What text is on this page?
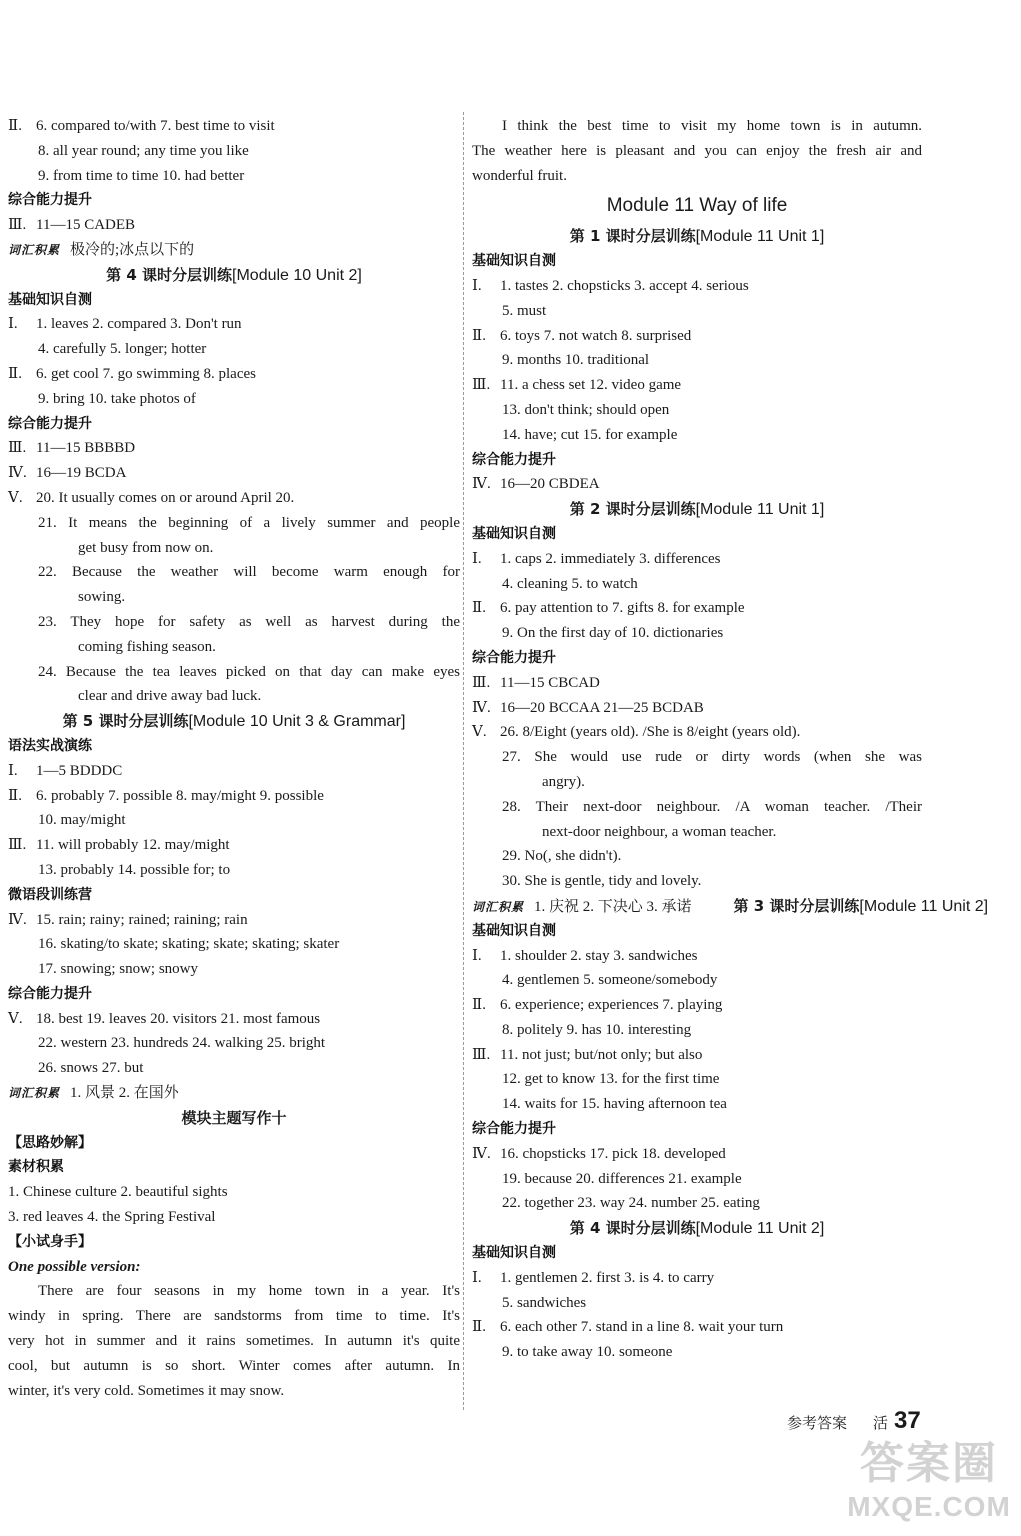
Ⅱ. 6. compared to/with 7. best time to visit
8. all year round; any time you like
9. from time to time 10. had better
综合能力提升
Ⅲ. 11—15 CADEB
词汇积累 极冷的;冰点以下的
第 4 课时分层训练[Module 10 Unit 2]
基础知识自测
Ⅰ. 1. leaves 2. compared 3. Don't run
4. carefully 5. longer; hotter
Ⅱ. 6. get cool 7. go swimming 8. places
9. bring 10. take photos of
综合能力提升
Ⅲ. 11—15 BBBBD
Ⅳ. 16—19 BCDA
Ⅴ. 20. It usually comes on or around April 20.
21. It means the beginning of a lively summer and people
get busy from now on.
22. Because the weather will become warm enough for
sowing.
23. They hope for safety as well as harvest during the
coming fishing season.
24. Because the tea leaves picked on that day can make eyes
clear and drive away bad luck.
第 5 课时分层训练[Module 10 Unit 3 & Grammar]
语法实战演练
Ⅰ. 1—5 BDDDC
Ⅱ. 6. probably 7. possible 8. may/might 9. possible
10. may/might
Ⅲ. 11. will probably 12. may/might
13. probably 14. possible for; to
微语段训练营
Ⅳ. 15. rain; rainy; rained; raining; rain
16. skating/to skate; skating; skate; skating; skater
17. snowing; snow; snowy
综合能力提升
Ⅴ. 18. best 19. leaves 20. visitors 21. most famous
22. western 23. hundreds 24. walking 25. bright
26. snows 27. but
词汇积累 1. 风景 2. 在国外
模块主题写作十
【思路妙解】
素材积累
1. Chinese culture 2. beautiful sights
3. red leaves 4. the Spring Festival
【小试身手】
One possible version:
There are four seasons in my home town in a year. It's
windy in spring. There are sandstorms from time to time. It's
very hot in summer and it rains sometimes. In autumn it's quite
cool, but autumn is so short. Winter comes after autumn. In
winter, it's very cold. Sometimes it may snow.
I think the best time to visit my home town is in autumn.
The weather here is pleasant and you can enjoy the fresh air and
wonderful fruit.
Module 11 Way of life
第 1 课时分层训练[Module 11 Unit 1]
基础知识自测
Ⅰ. 1. tastes 2. chopsticks 3. accept 4. serious
5. must
Ⅱ. 6. toys 7. not watch 8. surprised
9. months 10. traditional
Ⅲ. 11. a chess set 12. video game
13. don't think; should open
14. have; cut 15. for example
综合能力提升
Ⅳ. 16—20 CBDEA
第 2 课时分层训练[Module 11 Unit 1]
基础知识自测
Ⅰ. 1. caps 2. immediately 3. differences
4. cleaning 5. to watch
Ⅱ. 6. pay attention to 7. gifts 8. for example
9. On the first day of 10. dictionaries
综合能力提升
Ⅲ. 11—15 CBCAD
Ⅳ. 16—20 BCCAA 21—25 BCDAB
Ⅴ. 26. 8/Eight (years old). /She is 8/eight (years old).
27. She would use rude or dirty words (when she was
angry).
28. Their next-door neighbour. /A woman teacher. /Their
next-door neighbour, a woman teacher.
29. No(, she didn't).
30. She is gentle, tidy and lovely.
词汇积累 1. 庆祝 2. 下决心 3. 承诺	第 3 课时分层训练[Module 11 Unit 2]
基础知识自测
Ⅰ. 1. shoulder 2. stay 3. sandwiches
4. gentlemen 5. someone/somebody
Ⅱ. 6. experience; experiences 7. playing
8. politely 9. has 10. interesting
Ⅲ. 11. not just; but/not only; but also
12. get to know 13. for the first time
14. waits for 15. having afternoon tea
综合能力提升
Ⅳ. 16. chopsticks 17. pick 18. developed
19. because 20. differences 21. example
22. together 23. way 24. number 25. eating
第 4 课时分层训练[Module 11 Unit 2]
基础知识自测
Ⅰ. 1. gentlemen 2. first 3. is 4. to carry
5. sandwiches
Ⅱ. 6. each other 7. stand in a line 8. wait your turn
9. to take away 10. someone
参考答案 活 37
答案圈
MXQE.COM
